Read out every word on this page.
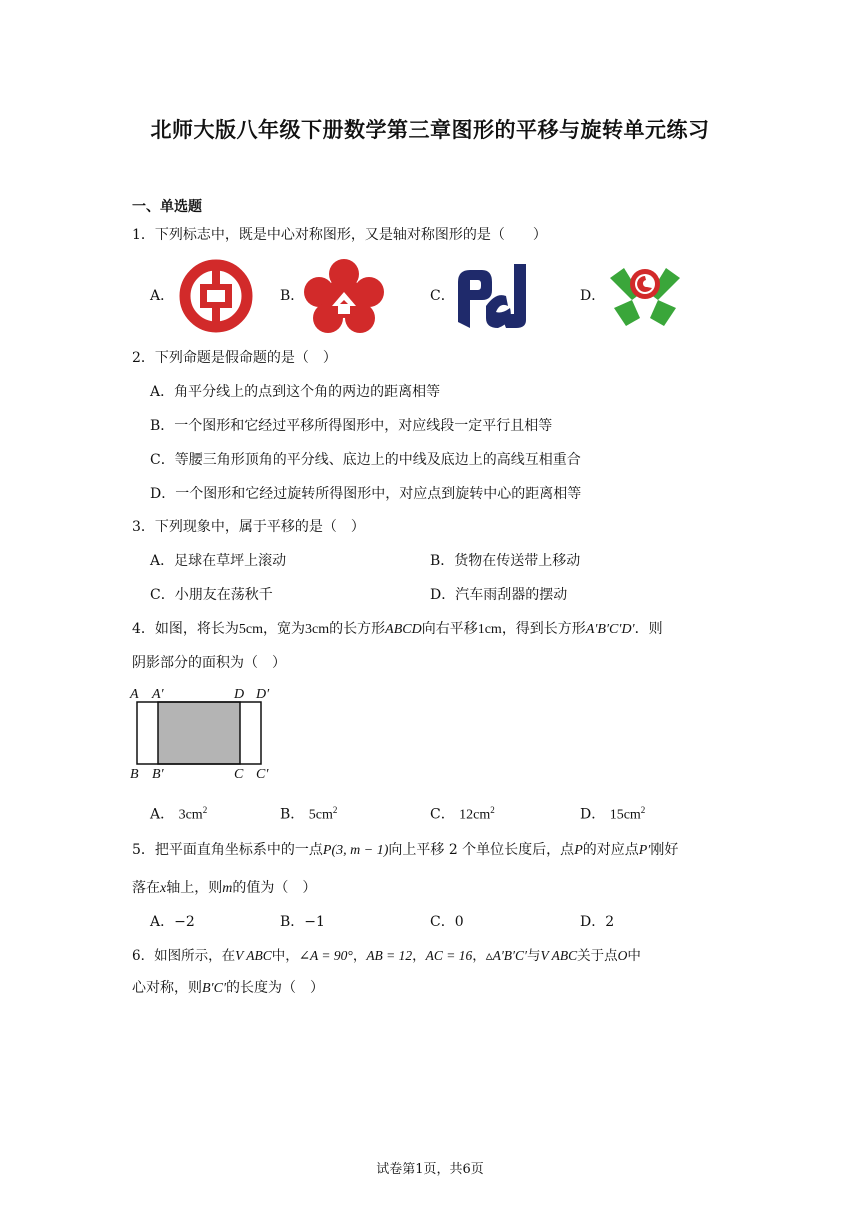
北师大版八年级下册数学第三章图形的平移与旋转单元练习
一、单选题
1．下列标志中，既是中心对称图形，又是轴对称图形的是（　　）
A．	B．	C．	D．
2．下列命题是假命题的是（　）
A．角平分线上的点到这个角的两边的距离相等
B．一个图形和它经过平移所得图形中，对应线段一定平行且相等
C．等腰三角形顶角的平分线、底边上的中线及底边上的高线互相重合
D．一个图形和它经过旋转所得图形中，对应点到旋转中心的距离相等
3．下列现象中，属于平移的是（　）
A．足球在草坪上滚动	B．货物在传送带上移动
C．小朋友在荡秋千	D．汽车雨刮器的摆动
4．如图，将长为5cm，宽为3cm的长方形ABCD向右平移1cm，得到长方形A′B′C′D′．则
阴影部分的面积为（　）
A A′	D D′
B B′	C C′
A． $3cm^2$	B． $5cm^2$	C． $12cm^2$	D． $15cm^2$
5．把平面直角坐标系中的一点P(3, m − 1)向上平移 2 个单位长度后，点P的对应点P′刚好
落在x轴上，则m的值为（　）
A．−2	B．−1	C．0	D．2
6．如图所示，在V ABC中，∠A = 90°，AB = 12，AC = 16，▵A′B′C′与V ABC关于点O中
心对称，则B′C′的长度为（　）
试卷第1页，共6页
